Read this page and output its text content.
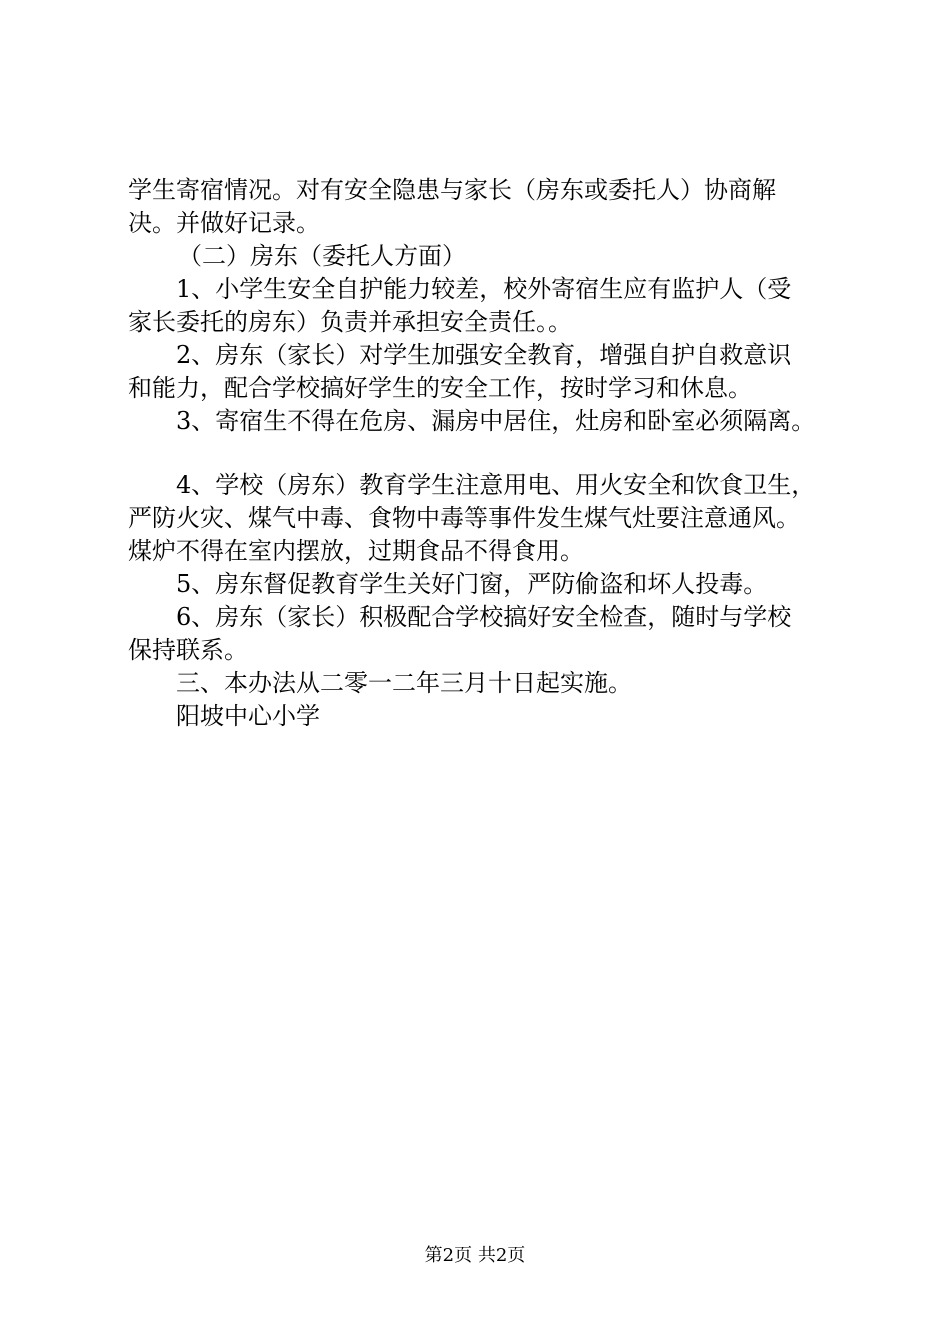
学生寄宿情况。对有安全隐患与家长（房东或委托人）协商解
决。并做好记录。
（二）房东（委托人方面）
1、小学生安全自护能力较差，校外寄宿生应有监护人（受
家长委托的房东）负责并承担安全责任。。
2、房东（家长）对学生加强安全教育，增强自护自救意识
和能力，配合学校搞好学生的安全工作，按时学习和休息。
3、寄宿生不得在危房、漏房中居住，灶房和卧室必须隔离。
4、学校（房东）教育学生注意用电、用火安全和饮食卫生，
严防火灾、煤气中毒、食物中毒等事件发生煤气灶要注意通风。
煤炉不得在室内摆放，过期食品不得食用。
5、房东督促教育学生关好门窗，严防偷盗和坏人投毒。
6、房东（家长）积极配合学校搞好安全检查，随时与学校
保持联系。
三、本办法从二零一二年三月十日起实施。
阳坡中心小学
第2页 共2页
